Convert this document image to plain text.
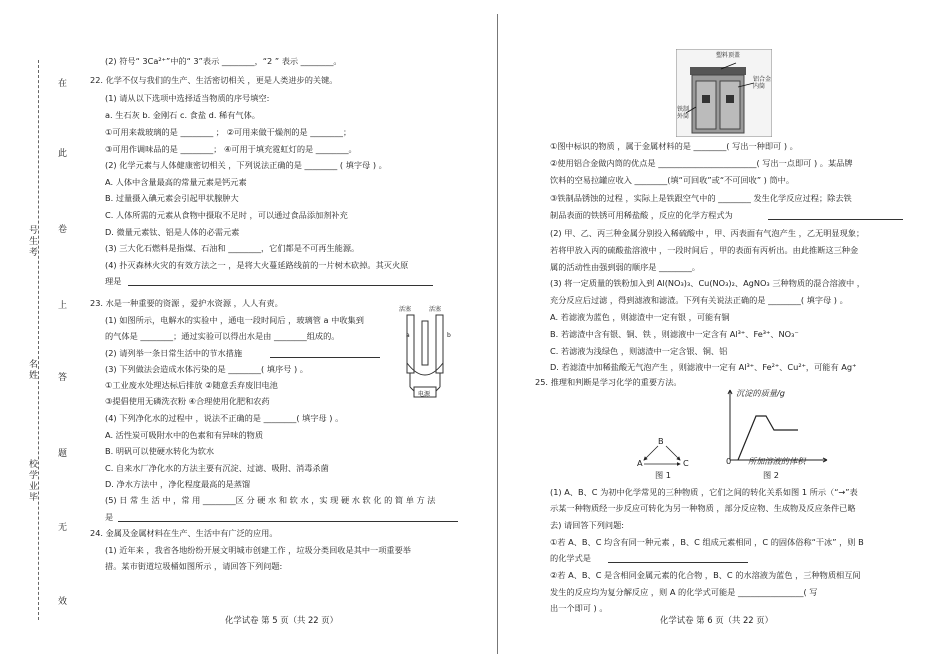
在
此
卷
上
答
题
无
效
号生考
名姓
校学业毕
(2) 符号“ 3Ca²⁺”中的“ 3”表示 ________，“2 ” 表示 ________。
22. 化学不仅与我们的生产、生活密切相关 ，更是人类进步的关键。
(1) 请从以下选项中选择适当物质的序号填空:
a. 生石灰 b. 金刚石 c. 食盐 d. 稀有气体。
①可用来裁玻璃的是 ________ ； ②可用来做干燥剂的是 ________；
③可用作调味品的是 ________； ④可用于填充霓虹灯的是 ________。
(2) 化学元素与人体健康密切相关 ，下列说法正确的是 ________ ( 填字母 ) 。
A. 人体中含量最高的常量元素是钙元素
B. 过量摄入碘元素会引起甲状腺肿大
C. 人体所需的元素从食物中摄取不足时 ，可以通过食品添加剂补充
D. 微量元素钛、铝是人体的必需元素
(3) 三大化石燃料是指煤、石油和 ________，它们都是不可再生能源。
(4) 扑灭森林火灾的有效方法之一 ，是将大火蔓延路线前的一片树木砍掉。其灭火原
理是
23. 水是一种重要的资源 ，爱护水资源 ，人人有责。
(1) 如图所示，电解水的实验中 ，通电一段时间后 ，玻璃管 a 中收集到
的气体是 ________；通过实验可以得出水是由 ________组成的。
(2) 请列举一条日常生活中的节水措施
(3) 下列做法会造成水体污染的是 ________( 填序号 ) 。
①工业废水处理达标后排放 ②随意丢弃废旧电池
③提倡使用无磷洗衣粉 ④合理使用化肥和农药
(4) 下列净化水的过程中 ，说法不正确的是 ________( 填字母 ) 。
A. 活性炭可吸附水中的色素和有异味的物质
B. 明矾可以使硬水转化为软水
C. 自来水厂净化水的方法主要有沉淀、过滤、吸附、消毒杀菌
D. 净水方法中 ，净化程度最高的是蒸馏
(5) 日 常 生 活 中 ，常 用 ________区 分 硬 水 和 软 水 ，实 现 硬 水 软 化 的 简 单 方 法
是
24. 金属及金属材料在生产、生活中有广泛的应用。
(1) 近年来 ，我省各地纷纷开展文明城市创建工作 ，垃圾分类回收是其中一项重要举
措。某市街道垃圾桶如图所示 ，请回答下列问题:
活塞	活塞
a	b
电源
化学试卷 第 5 页（共 22 页）
塑料顶盖
铝合金
内筒
铁制
外筒
①图中标识的物质 ，属于金属材料的是 ________( 写出一种即可 ) 。
②使用铝合金做内筒的优点是 ________________________( 写出一点即可 ) 。某品牌
饮料的空易拉罐应收入 ________(填“可回收”或“不可回收” ) 筒中。
③铁制品锈蚀的过程 ，实际上是铁跟空气中的 ________ 发生化学反应过程；除去铁
制品表面的铁锈可用稀盐酸 ，反应的化学方程式为
(2) 甲、乙、丙三种金属分别投入稀硫酸中 ，甲、丙表面有气泡产生 ，乙无明显现象；
若将甲放入丙的硫酸盐溶液中 ，一段时间后 ，甲的表面有丙析出。由此推断这三种金
属的活动性由强到弱的顺序是 ________。
(3) 将一定质量的铁粉加入到 Al(NO₃)₃、Cu(NO₃)₂、AgNO₃ 三种物质的混合溶液中 ，
充分反应后过滤 ，得到滤液和滤渣。下列有关说法正确的是 ________( 填字母 ) 。
A. 若滤液为蓝色 ，则滤渣中一定有银 ，可能有铜
B. 若滤渣中含有银、铜、铁 ，则滤液中一定含有 Al³⁺、Fe³⁺、NO₃⁻
C. 若滤液为浅绿色 ，则滤渣中一定含银、铜、铝
D. 若滤渣中加稀盐酸无气泡产生 ，则滤液中一定有 Al³⁺、Fe²⁺、Cu²⁺，可能有 Ag⁺
25. 推理和判断是学习化学的重要方法。
B
A	C
图 1
沉淀的质量/g
所加溶液的体积
0
图 2
(1) A、B、C 为初中化学常见的三种物质 ，它们之间的转化关系如图 1 所示（“→”表
示某一种物质经一步反应可转化为另一种物质 ，部分反应物、生成物及反应条件已略
去) 请回答下列问题:
①若 A、B、C 均含有同一种元素 ，B、C 组成元素相同 ，C 的固体俗称“干冰” ，则 B
的化学式是
②若 A、B、C 是含相同金属元素的化合物 ，B、C 的水溶液为蓝色 ，三种物质相互间
发生的反应均为复分解反应 ，则 A 的化学式可能是 ________________( 写
出一个即可 ) 。
化学试卷 第 6 页（共 22 页）
